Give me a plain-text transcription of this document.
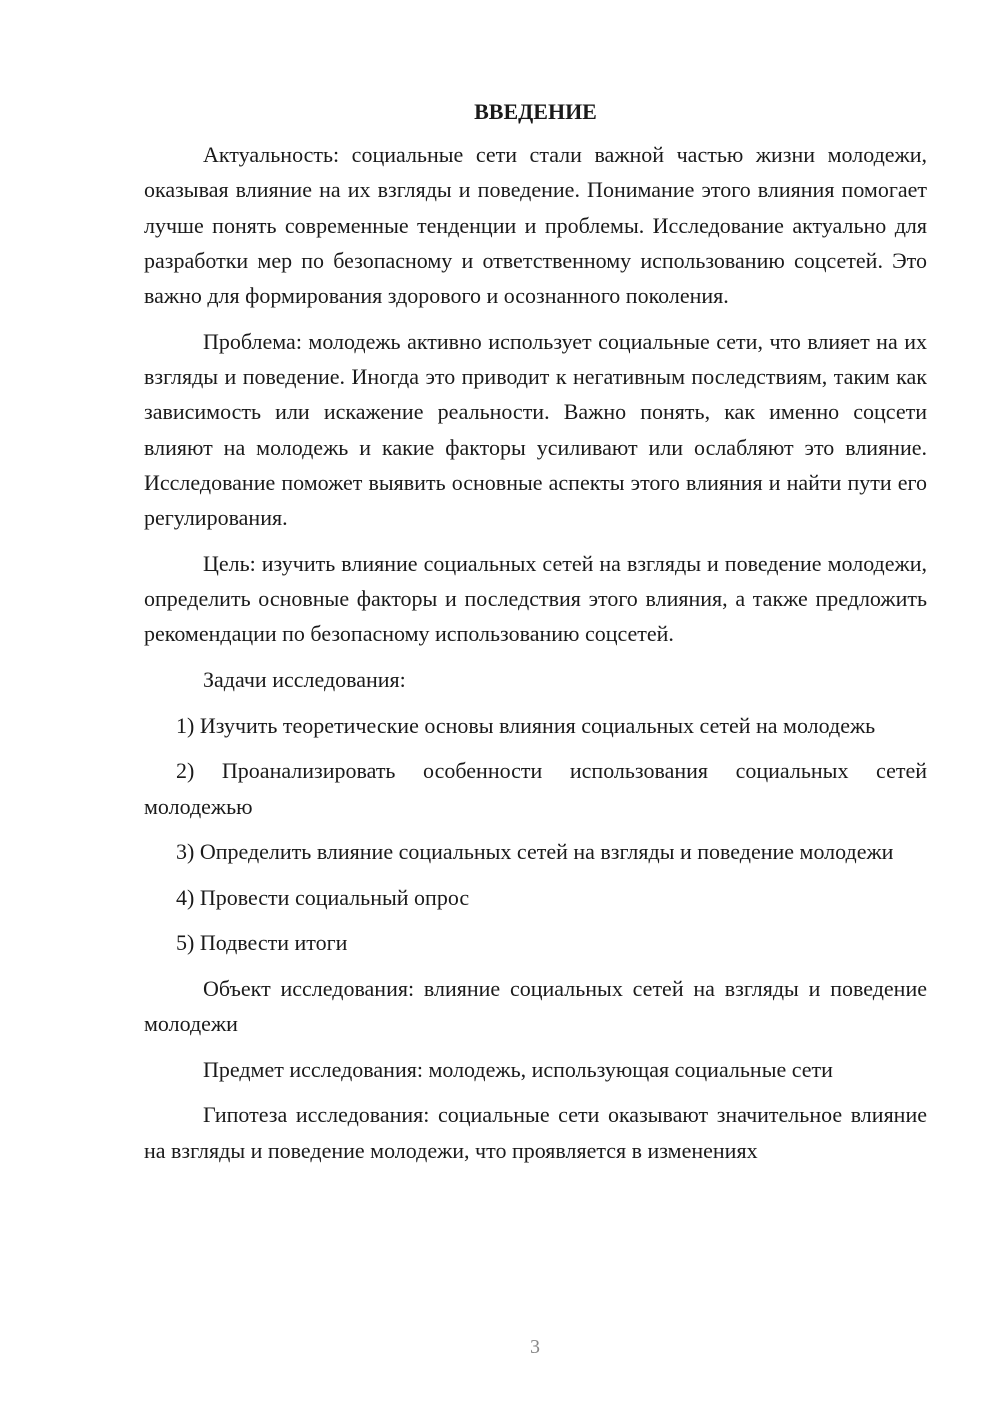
ВВЕДЕНИЕ

Актуальность: социальные сети стали важной частью жизни молодежи, оказывая влияние на их взгляды и поведение. Понимание этого влияния помогает лучше понять современные тенденции и проблемы. Исследование актуально для разработки мер по безопасному и ответственному использованию соцсетей. Это важно для формирования здорового и осознанного поколения.

Проблема: молодежь активно использует социальные сети, что влияет на их взгляды и поведение. Иногда это приводит к негативным последствиям, таким как зависимость или искажение реальности. Важно понять, как именно соцсети влияют на молодежь и какие факторы усиливают или ослабляют это влияние. Исследование поможет выявить основные аспекты этого влияния и найти пути его регулирования.

Цель: изучить влияние социальных сетей на взгляды и поведение молодежи, определить основные факторы и последствия этого влияния, а также предложить рекомендации по безопасному использованию соцсетей.

Задачи исследования:

1) Изучить теоретические основы влияния социальных сетей на молодежь

2) Проанализировать особенности использования социальных сетей молодежью

3) Определить влияние социальных сетей на взгляды и поведение молодежи

4) Провести социальный опрос

5) Подвести итоги

Объект исследования: влияние социальных сетей на взгляды и поведение молодежи

Предмет исследования: молодежь, использующая социальные сети

Гипотеза исследования: социальные сети оказывают значительное влияние на взгляды и поведение молодежи, что проявляется в изменениях

3
